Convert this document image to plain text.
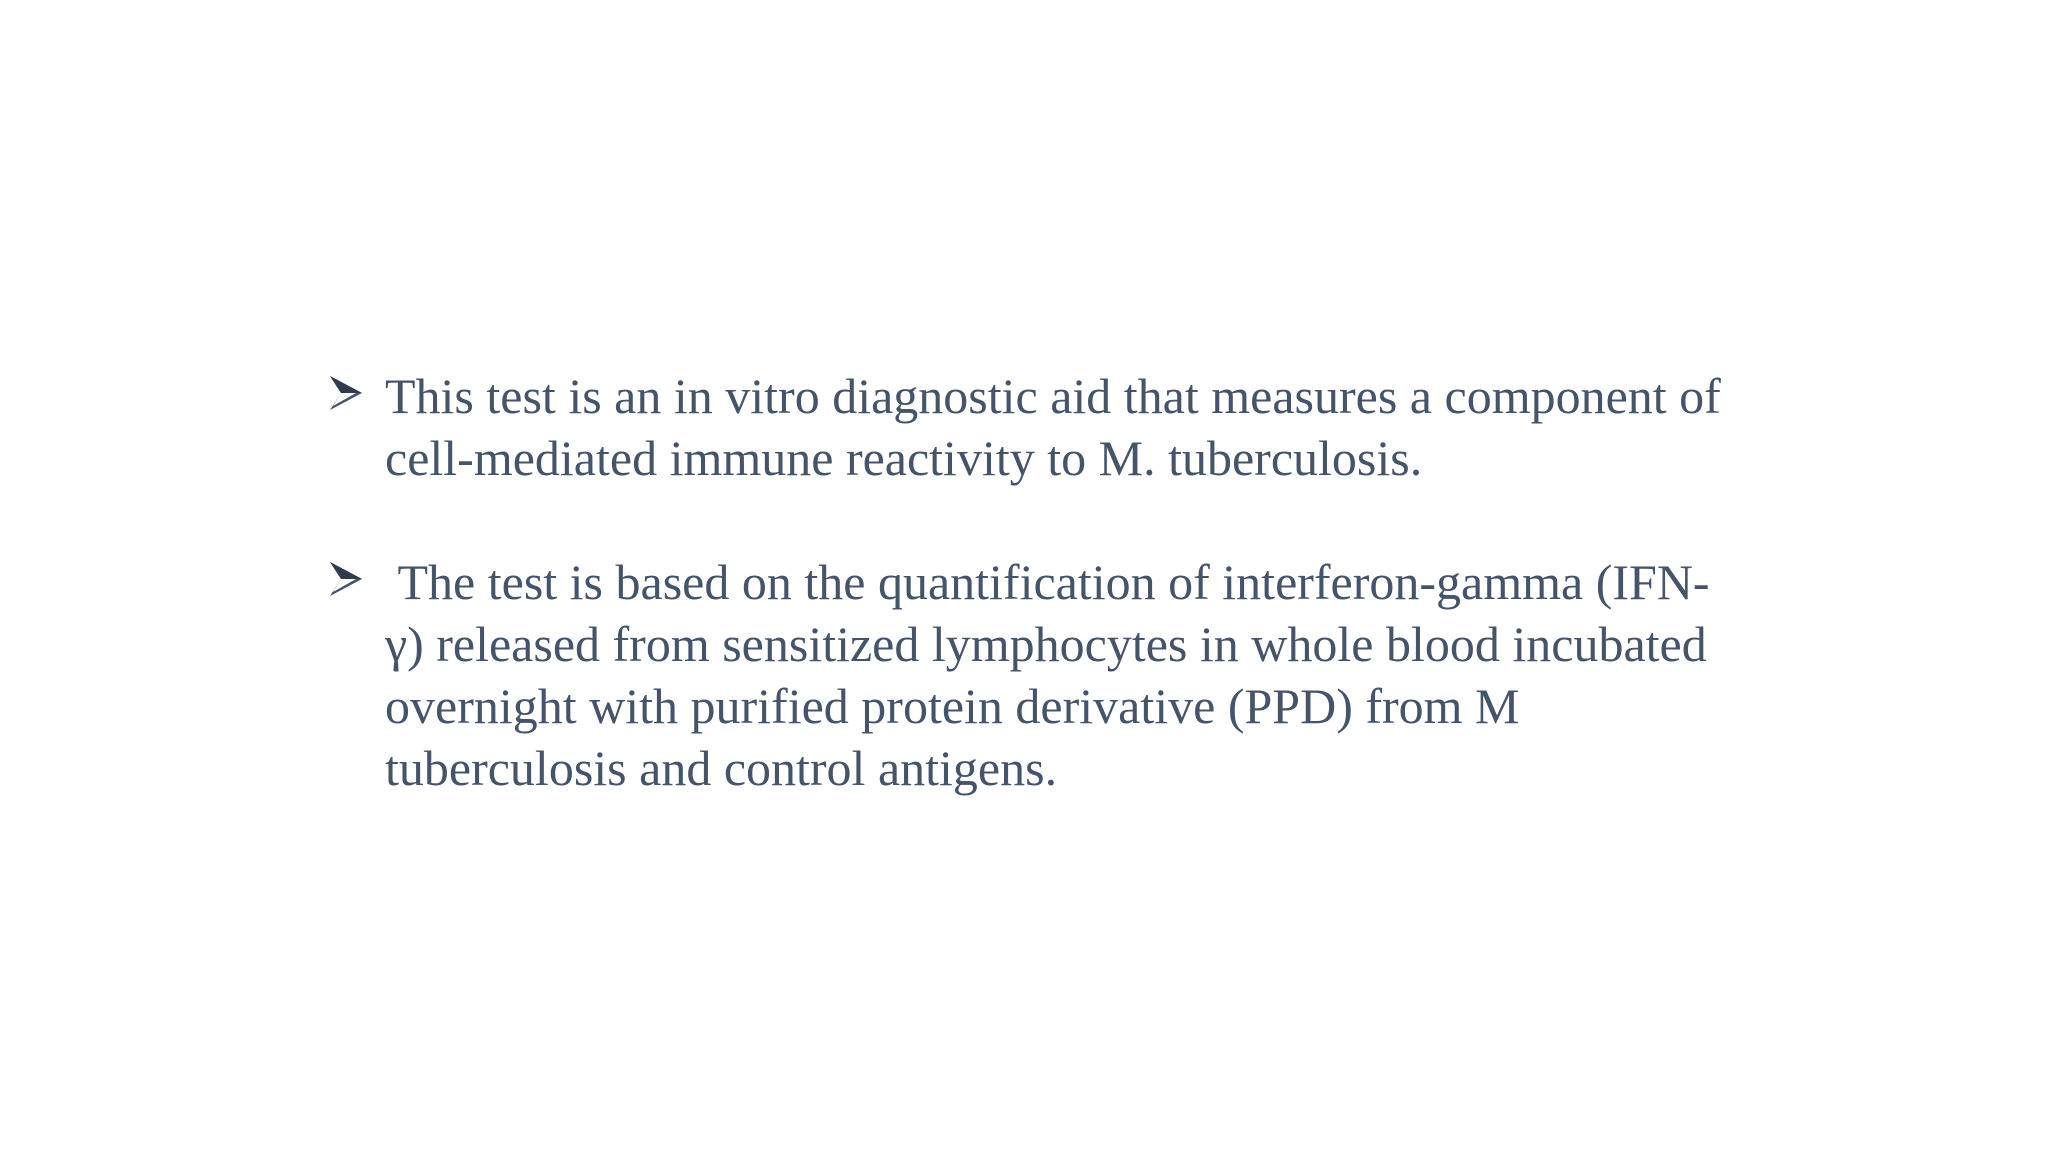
This test is an in vitro diagnostic aid that measures a component of cell-mediated immune reactivity to M. tuberculosis.
The test is based on the quantification of interferon-gamma (IFN-γ) released from sensitized lymphocytes in whole blood incubated overnight with purified protein derivative (PPD) from M tuberculosis and control antigens.
